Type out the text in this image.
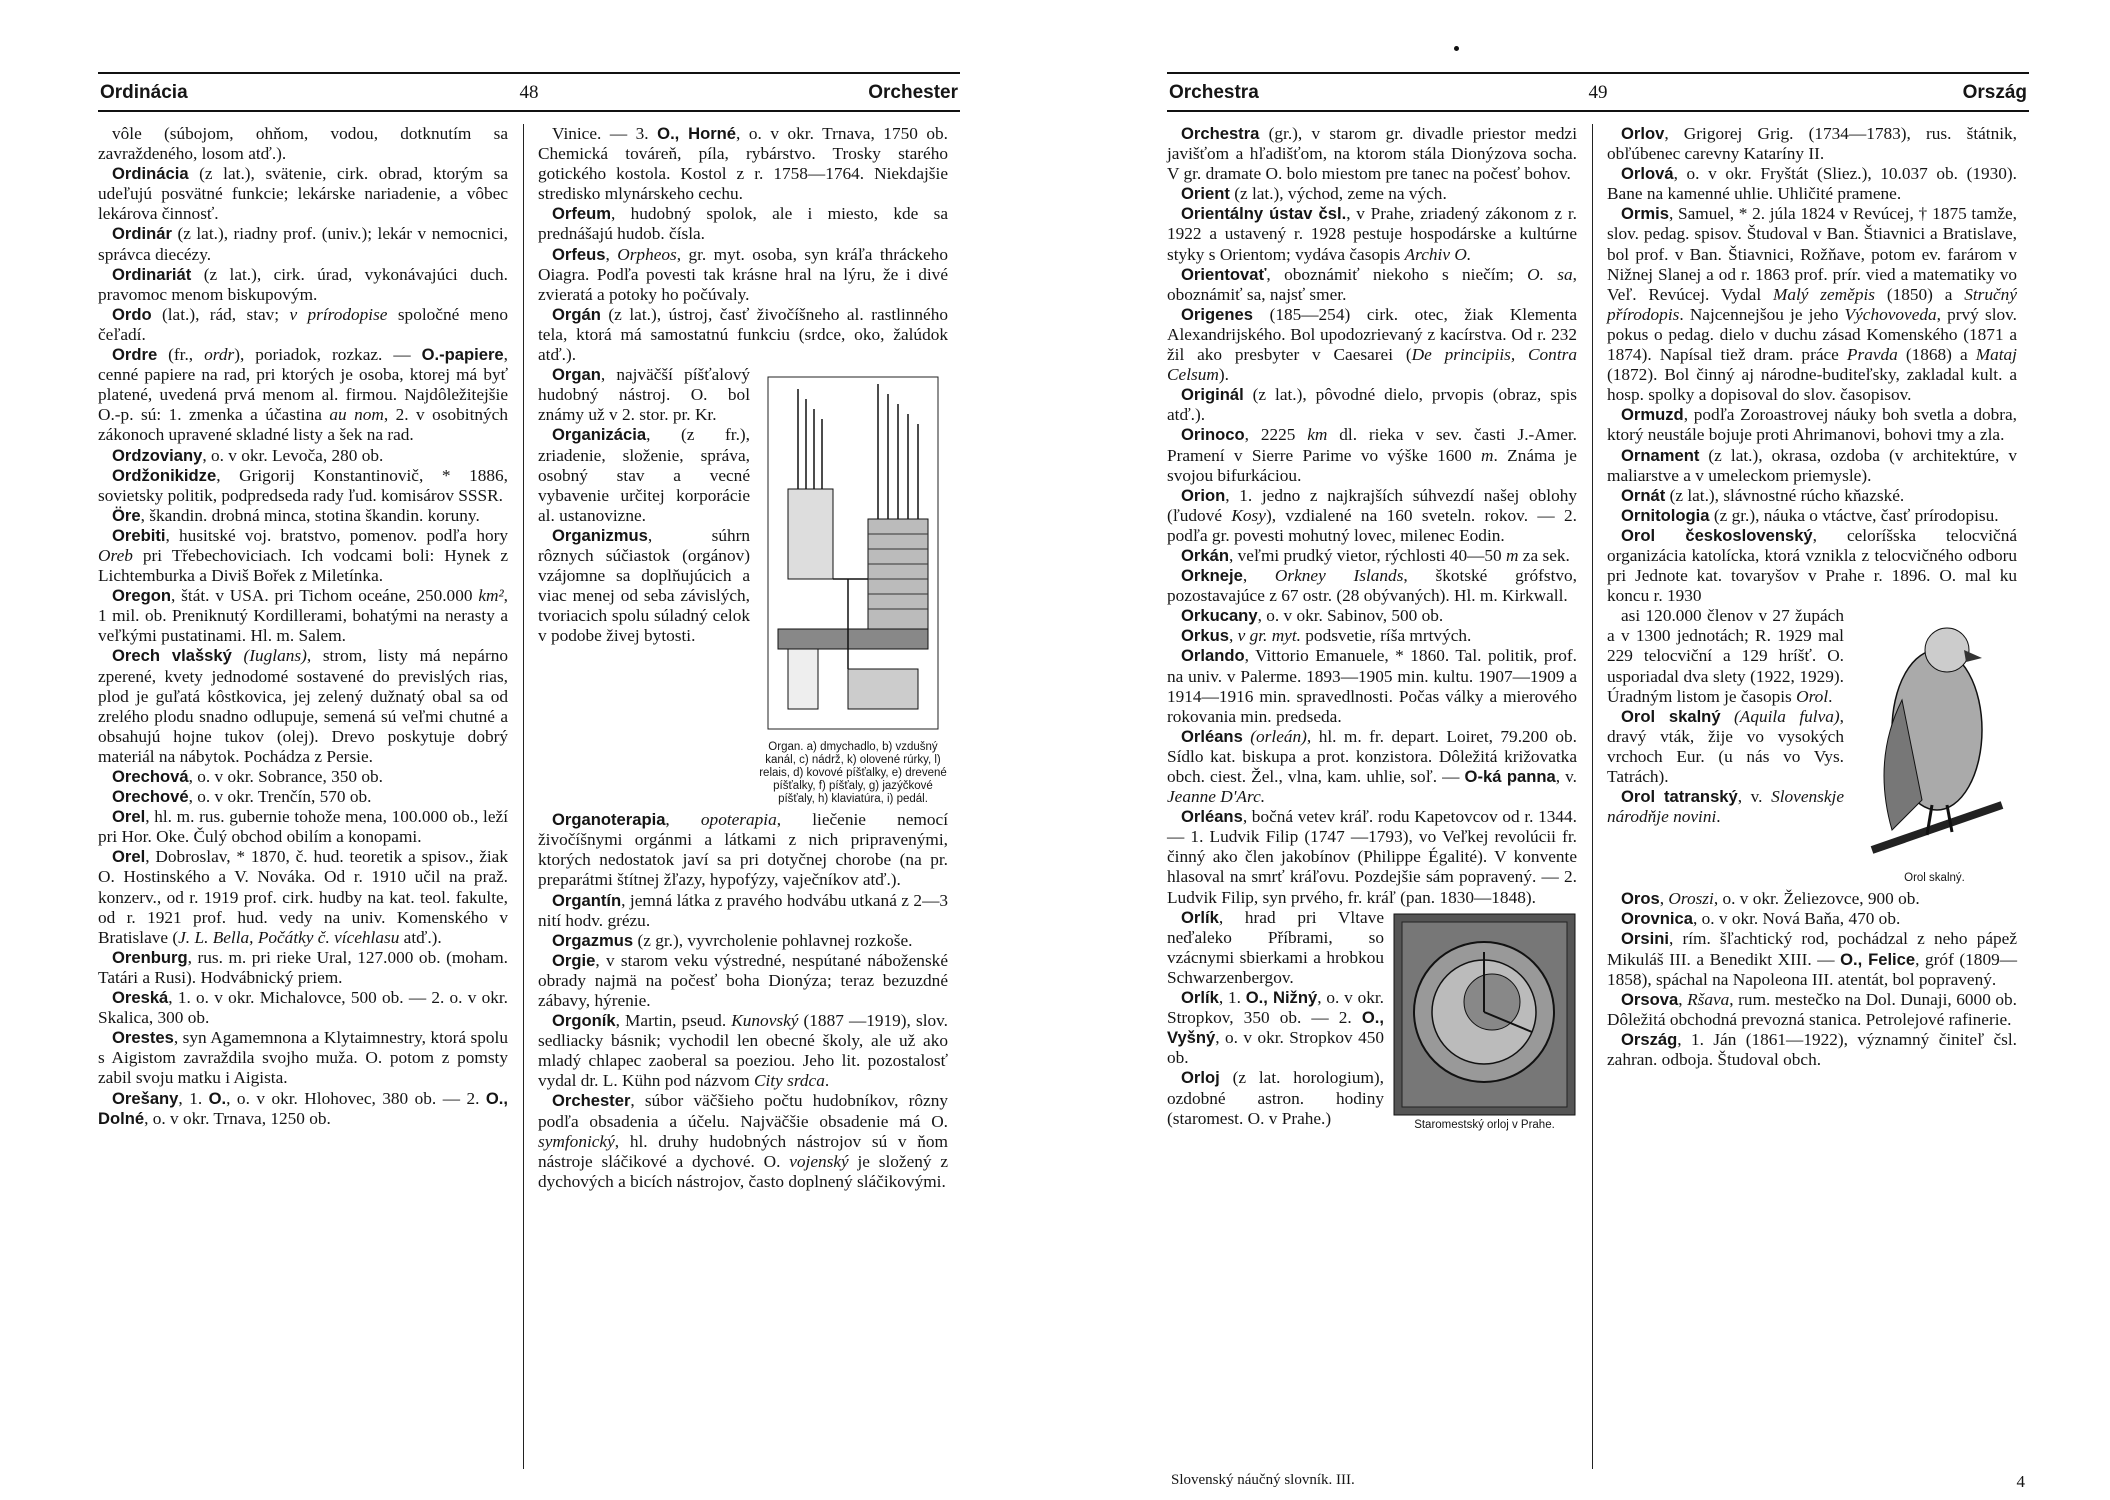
48
Ordinácia	Orchester

vôle (súbojom, ohňom, vodou, dotknutím sa zavraždeného, losom atď.).

Ordinácia (z lat.), svätenie, cirk. obrad, ktorým sa udeľujú posvätné funkcie; lekárske nariadenie, a vôbec lekárova činnosť.

Ordinár (z lat.), riadny prof. (univ.); lekár v nemocnici, správca diecézy.

Ordinariát (z lat.), cirk. úrad, vykonávajúci duch. pravomoc menom biskupovým.

Ordo (lat.), rád, stav; v prírodopise spoločné meno čeľadí.

Ordre (fr., ordr), poriadok, rozkaz. — O.-papiere, cenné papiere na rad, pri ktorých je osoba, ktorej má byť platené, uvedená prvá menom al. firmou. Najdôležitejšie O.-p. sú: 1. zmenka a účastina au nom, 2. v osobitných zákonoch upravené skladné listy a šek na rad.

Ordzoviany, o. v okr. Levoča, 280 ob.

Ordžonikidze, Grigorij Konstantinovič, * 1886, sovietsky politik, podpredseda rady ľud. komisárov SSSR.

Öre, škandin. drobná minca, stotina škandin. koruny.

Orebiti, husitské voj. bratstvo, pomenov. podľa hory Oreb pri Třebechoviciach. Ich vodcami boli: Hynek z Lichtemburka a Diviš Bořek z Miletínka.

Oregon, štát. v USA. pri Tichom oceáne, 250.000 km², 1 mil. ob. Preniknutý Kordillerami, bohatými na nerasty a veľkými pustatinami. Hl. m. Salem.

Orech vlašský (Iuglans), strom, listy má nepárno zperené, kvety jednodomé sostavené do previslých rias, plod je guľatá kôstkovica, jej zelený dužnatý obal sa od zrelého plodu snadno odlupuje, semená sú veľmi chutné a obsahujú hojne tukov (olej). Drevo poskytuje dobrý materiál na nábytok. Pochádza z Persie.

Orechová, o. v okr. Sobrance, 350 ob.

Orechové, o. v okr. Trenčín, 570 ob.

Orel, hl. m. rus. gubernie tohože mena, 100.000 ob., leží pri Hor. Oke. Čulý obchod obilím a konopami.

Orel, Dobroslav, * 1870, č. hud. teoretik a spisov., žiak O. Hostinského a V. Nováka. Od r. 1910 učil na praž. konzerv., od r. 1919 prof. cirk. hudby na kat. teol. fakulte, od r. 1921 prof. hud. vedy na univ. Komenského v Bratislave (J. L. Bella, Počátky č. vícehlasu atď.).

Orenburg, rus. m. pri rieke Ural, 127.000 ob. (moham. Tatári a Rusi). Hodvábnický priem.

Oreská, 1. o. v okr. Michalovce, 500 ob. — 2. o. v okr. Skalica, 300 ob.

Orestes, syn Agamemnona a Klytaimnestry, ktorá spolu s Aigistom zavraždila svojho muža. O. potom z pomsty zabil svoju matku i Aigista.

Orešany, 1. O., o. v okr. Hlohovec, 380 ob. — 2. O., Dolné, o. v okr. Trnava, 1250 ob.

Vinice. — 3. O., Horné, o. v okr. Trnava, 1750 ob. Chemická továreň, píla, rybárstvo. Trosky starého gotického kostola. Kostol z r. 1758—1764. Niekdajšie stredisko mlynárskeho cechu.

Orfeum, hudobný spolok, ale i miesto, kde sa prednášajú hudob. čísla.

Orfeus, Orpheos, gr. myt. osoba, syn kráľa thráckeho Oiagra. Podľa povesti tak krásne hral na lýru, že i divé zvieratá a potoky ho počúvaly.

Orgán (z lat.), ústroj, časť živočíšneho al. rastlinného tela, ktorá má samostatnú funkciu (srdce, oko, žalúdok atď.).

Organ. a) dmychadlo, b) vzdušný kanál, c) nádrž, k) olovené rúrky, l) relais, d) kovové píšťalky, e) drevené píšťalky, f) píšťaly, g) jazýčkové píšťaly, h) klaviatúra, i) pedál.

Organ, najväčší píšťalový hudobný nástroj. O. bol známy už v 2. stor. pr. Kr.

Organizácia, (z fr.), zriadenie, složenie, správa, osobný stav a vecné vybavenie určitej korporácie al. ustanovizne.

Organizmus, súhrn rôznych súčiastok (orgánov) vzájomne sa doplňujúcich a viac menej od seba závislých, tvoriacich spolu súladný celok v podobe živej bytosti.

Organoterapia, opoterapia, liečenie nemocí živočíšnymi orgánmi a látkami z nich pripravenými, ktorých nedostatok javí sa pri dotyčnej chorobe (na pr. preparátmi štítnej žľazy, hypofýzy, vaječníkov atď.).

Organtín, jemná látka z pravého hodvábu utkaná z 2—3 nití hodv. grézu.

Orgazmus (z gr.), vyvrcholenie pohlavnej rozkoše.

Orgie, v starom veku výstredné, nespútané náboženské obrady najmä na počesť boha Dionýza; teraz bezuzdné zábavy, hýrenie.

Orgoník, Martin, pseud. Kunovský (1887 —1919), slov. sedliacky básnik; vychodil len obecné školy, ale už ako mladý chlapec zaoberal sa poeziou. Jeho lit. pozostalosť vydal dr. L. Kühn pod názvom City srdca.

Orchester, súbor väčšieho počtu hudobníkov, rôzny podľa obsadenia a účelu. Najväčšie obsadenie má O. symfonický, hl. druhy hudobných nástrojov sú v ňom nástroje sláčikové a dychové. O. vojenský je složený z dychových a bicích nástrojov, často doplnený sláčikovými.

49
Orchestra	Ország

Orchestra (gr.), v starom gr. divadle priestor medzi javišťom a hľadišťom, na ktorom stála Dionýzova socha. V gr. dramate O. bolo miestom pre tanec na počesť bohov.

Orient (z lat.), východ, zeme na vých.

Orientálny ústav čsl., v Prahe, zriadený zákonom z r. 1922 a ustavený r. 1928 pestuje hospodárske a kultúrne styky s Orientom; vydáva časopis Archiv O.

Orientovať, oboznámiť niekoho s niečím; O. sa, oboznámiť sa, najsť smer.

Origenes (185—254) cirk. otec, žiak Klementa Alexandrijského. Bol upodozrievaný z kacírstva. Od r. 232 žil ako presbyter v Caesarei (De principiis, Contra Celsum).

Originál (z lat.), pôvodné dielo, prvopis (obraz, spis atď.).

Orinoco, 2225 km dl. rieka v sev. časti J.-Amer. Pramení v Sierre Parime vo výške 1600 m. Známa je svojou bifurkáciou.

Orion, 1. jedno z najkrajších súhvezdí našej oblohy (ľudové Kosy), vzdialené na 160 sveteln. rokov. — 2. podľa gr. povesti mohutný lovec, milenec Eodin.

Orkán, veľmi prudký vietor, rýchlosti 40—50 m za sek.

Orkneje, Orkney Islands, škotské grófstvo, pozostavajúce z 67 ostr. (28 obývaných). Hl. m. Kirkwall.

Orkucany, o. v okr. Sabinov, 500 ob.

Orkus, v gr. myt. podsvetie, ríša mrtvých.

Orlando, Vittorio Emanuele, * 1860. Tal. politik, prof. na univ. v Palerme. 1893—1905 min. kultu. 1907—1909 a 1914—1916 min. spravedlnosti. Počas války a mierového rokovania min. predseda.

Orléans (orleán), hl. m. fr. depart. Loiret, 79.200 ob. Sídlo kat. biskupa a prot. konzistora. Dôležitá križovatka obch. ciest. Žel., vlna, kam. uhlie, soľ. — O-ká panna, v. Jeanne D'Arc.

Orléans, bočná vetev kráľ. rodu Kapetovcov od r. 1344. — 1. Ludvik Filip (1747 —1793), vo Veľkej revolúcii fr. činný ako člen jakobínov (Philippe Égalité). V konvente hlasoval na smrť kráľovu. Pozdejšie sám popravený. — 2. Ludvik Filip, syn prvého, fr. kráľ (pan. 1830—1848).

Staromestský orloj v Prahe.

Orlík, hrad pri Vltave neďaleko Příbrami, so vzácnymi sbierkami a hrobkou Schwarzenbergov.

Orlík, 1. O., Nižný, o. v okr. Stropkov, 350 ob. — 2. O., Vyšný, o. v okr. Stropkov 450 ob.

Orloj (z lat. horologium), ozdobné astron. hodiny (staromest. O. v Prahe.)

Orlov, Grigorej Grig. (1734—1783), rus. štátnik, obľúbenec carevny Kataríny II.

Orlová, o. v okr. Fryštát (Sliez.), 10.037 ob. (1930). Bane na kamenné uhlie. Uhličité pramene.

Ormis, Samuel, * 2. júla 1824 v Revúcej, † 1875 tamže, slov. pedag. spisov. Študoval v Ban. Štiavnici a Bratislave, bol prof. v Ban. Štiavnici, Rožňave, potom ev. farárom v Nižnej Slanej a od r. 1863 prof. prír. vied a matematiky vo Veľ. Revúcej. Vydal Malý zeměpis (1850) a Stručný přírodopis. Najcennejšou je jeho Výchovoveda, prvý slov. pokus o pedag. dielo v duchu zásad Komenského (1871 a 1874). Napísal tiež dram. práce Pravda (1868) a Mataj (1872). Bol činný aj národne-buditeľsky, zakladal kult. a hosp. spolky a dopisoval do slov. časopisov.

Ormuzd, podľa Zoroastrovej náuky boh svetla a dobra, ktorý neustále bojuje proti Ahrimanovi, bohovi tmy a zla.

Ornament (z lat.), okrasa, ozdoba (v architektúre, v maliarstve a v umeleckom priemysle).

Ornát (z lat.), slávnostné rúcho kňazské.

Ornitologia (z gr.), náuka o vtáctve, časť prírodopisu.

Orol československý, celoríšska telocvičná organizácia katolícka, ktorá vznikla z telocvičného odboru pri Jednote kat. tovaryšov v Prahe r. 1896. O. mal ku koncu r. 1930

Orol skalný.

asi 120.000 členov v 27 župách a v 1300 jednotách; R. 1929 mal 229 telocviční a 129 hríšť. O. usporiadal dva slety (1922, 1929). Úradným listom je časopis Orol.

Orol skalný (Aquila fulva), dravý vták, žije vo vysokých vrchoch Eur. (u nás vo Vys. Tatrách).

Orol tatranský, v. Slovenskje národňje novini.

Oros, Oroszi, o. v okr. Želiezovce, 900 ob.

Orovnica, o. v okr. Nová Baňa, 470 ob.

Orsini, rím. šľachtický rod, pochádzal z neho pápež Mikuláš III. a Benedikt XIII. — O., Felice, gróf (1809—1858), spáchal na Napoleona III. atentát, bol popravený.

Orsova, Ršava, rum. mestečko na Dol. Dunaji, 6000 ob. Dôležitá obchodná prevozná stanica. Petrolejové rafinerie.

Ország, 1. Ján (1861—1922), významný činiteľ čsl. zahran. odboja. Študoval obch.

Slovenský náučný slovník. III.	4
